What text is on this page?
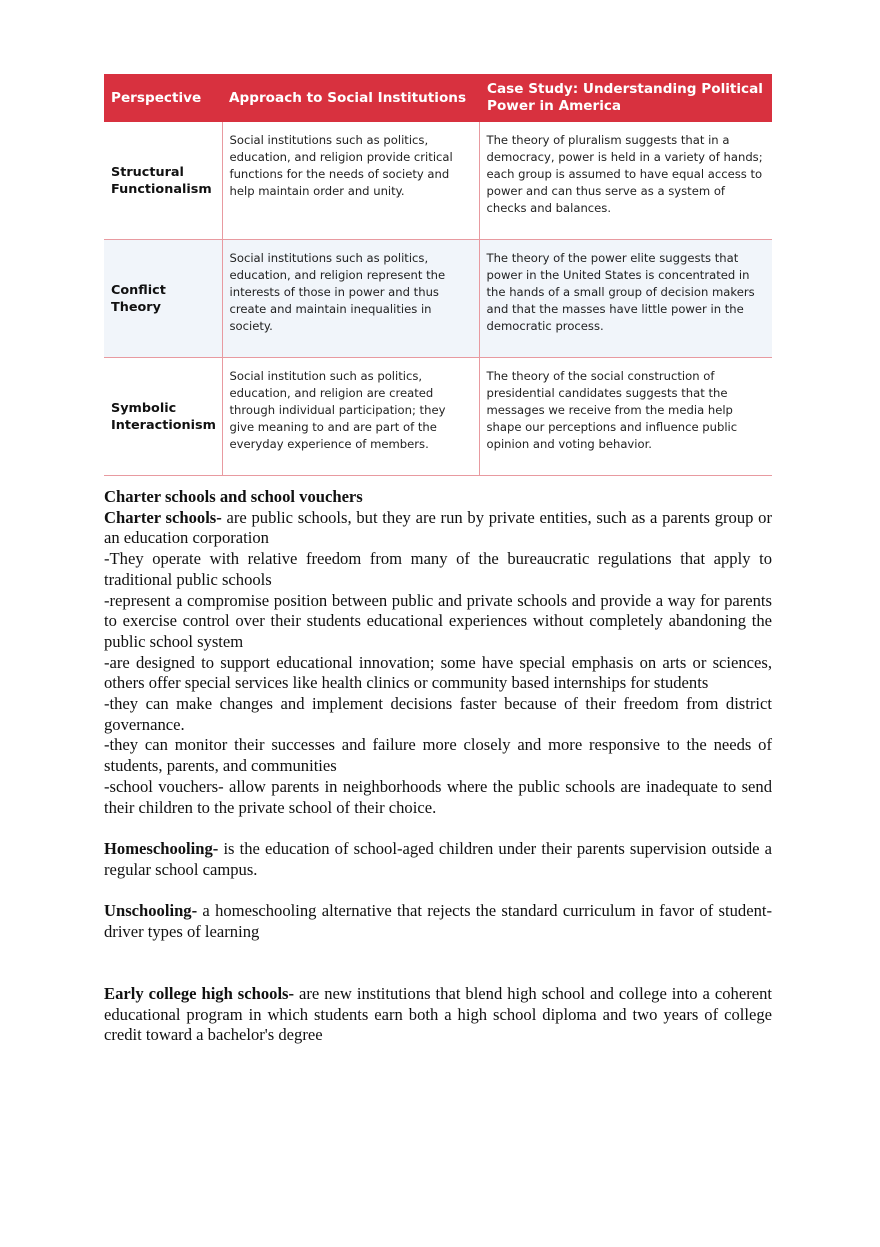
Perspective	Approach to Social Institutions	Case Study: Understanding Political Power in America
Structural Functionalism	Social institutions such as politics, education, and religion provide critical functions for the needs of society and help maintain order and unity.	The theory of pluralism suggests that in a democracy, power is held in a variety of hands; each group is assumed to have equal access to power and can thus serve as a system of checks and balances.
Conflict Theory	Social institutions such as politics, education, and religion represent the interests of those in power and thus create and maintain inequalities in society.	The theory of the power elite suggests that power in the United States is concentrated in the hands of a small group of decision makers and that the masses have little power in the democratic process.
Symbolic Interactionism	Social institution such as politics, education, and religion are created through individual participation; they give meaning to and are part of the everyday experience of members.	The theory of the social construction of presidential candidates suggests that the messages we receive from the media help shape our perceptions and influence public opinion and voting behavior.

Charter schools and school vouchers

Charter schools- are public schools, but they are run by private entities, such as a parents group or an education corporation

-They operate with relative freedom from many of the bureaucratic regulations that apply to traditional public schools

-represent a compromise position between public and private schools and provide a way for parents to exercise control over their students educational experiences without completely abandoning the public school system

-are designed to support educational innovation; some have special emphasis on arts or sciences, others offer special services like health clinics or community based internships for students

-they can make changes and implement decisions faster because of their freedom from district governance.

-they can monitor their successes and failure more closely and more responsive to the needs of students, parents, and communities

-school vouchers- allow parents in neighborhoods where the public schools are inadequate to send their children to the private school of their choice.

Homeschooling- is the education of school-aged children under their parents supervision outside a regular school campus.

Unschooling- a homeschooling alternative that rejects the standard curriculum in favor of student-driver types of learning

Early college high schools- are new institutions that blend high school and college into a coherent educational program in which students earn both a high school diploma and two years of college credit toward a bachelor's degree
